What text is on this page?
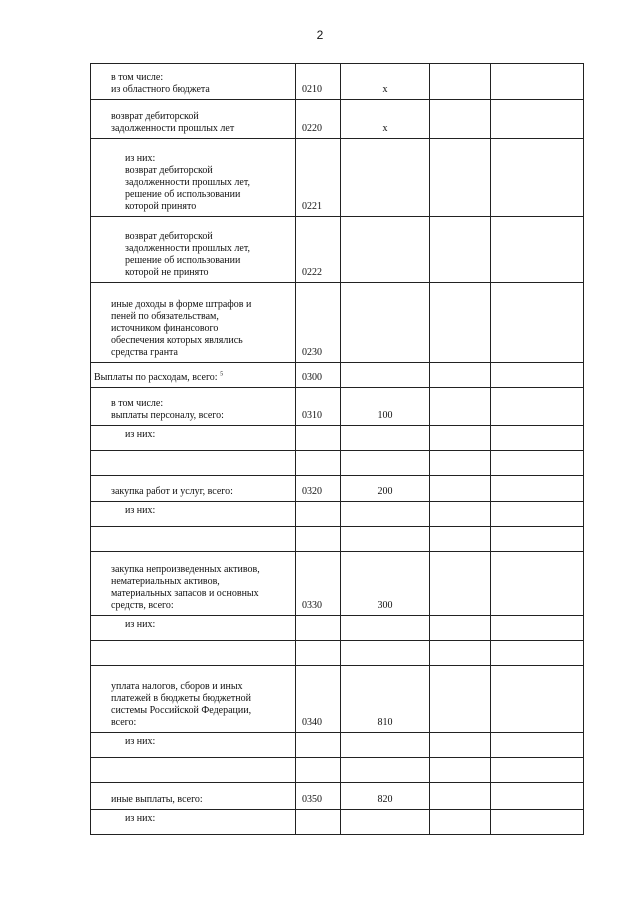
2
в том числе:
из областного бюджета	0210	x		

возврат дебиторской
задолженности прошлых лет	0220	x		

из них:
возврат дебиторской
задолженности прошлых лет,
решение об использовании
которой принято	0221			

возврат дебиторской
задолженности прошлых лет,
решение об использовании
которой не принято	0222			

иные доходы в форме штрафов и
пеней по обязательствам,
источником финансового
обеспечения которых являлись
средства гранта	0230			

Выплаты по расходам, всего: $^5$	0300			

в том числе:
выплаты персоналу, всего:	0310	100		

из них:				

закупка работ и услуг, всего:	0320	200		

из них:				

закупка непроизведенных активов,
нематериальных активов,
материальных запасов и основных
средств, всего:	0330	300		

из них:				

уплата налогов, сборов и иных
платежей в бюджеты бюджетной
системы Российской Федерации,
всего:	0340	810		

из них:				

иные выплаты, всего:	0350	820		

из них:				
